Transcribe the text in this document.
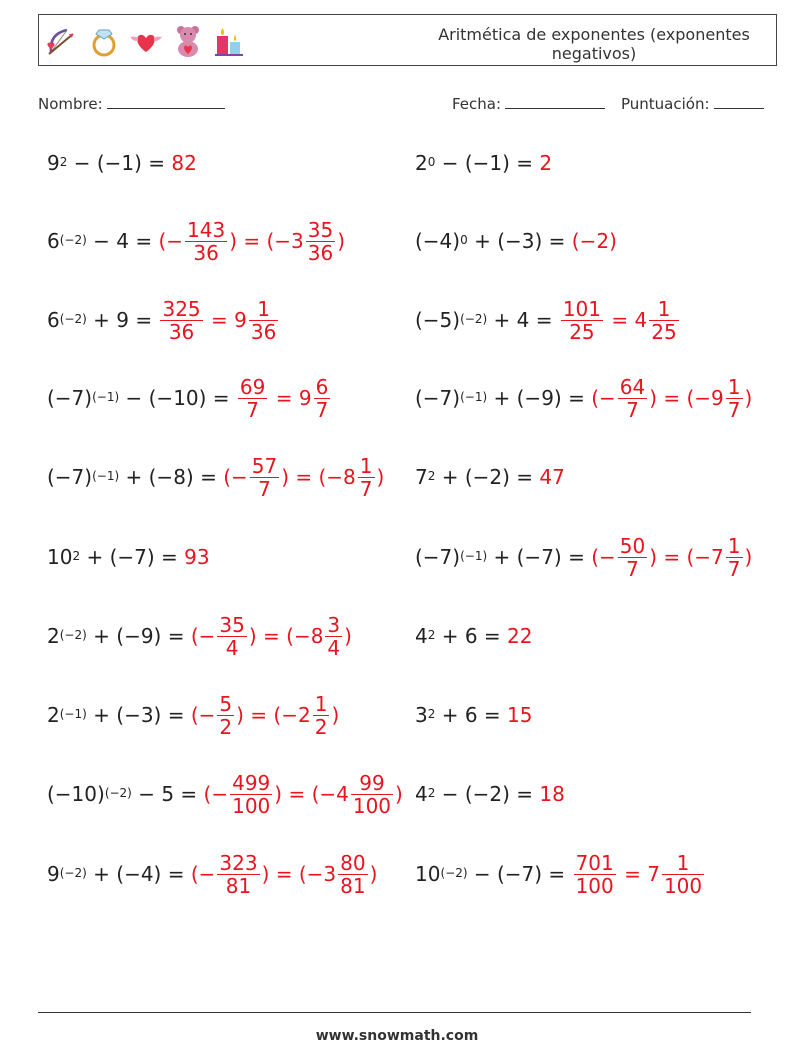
Aritmética de exponentes (exponentes negativos)
Nombre:	Fecha:	Puntuación:
$9^2 - (-1) = 82$
$6^{(-2)} - 4$ = (− $\frac{143}{36}$ ) = ($-3 \frac{35}{36}$ )
$6^{(-2)} + 9 = \frac{325}{36} = 9 \frac{1}{36}$
$(-7)^{(-1)} - (-10) = \frac{69}{7} = 9 \frac{6}{7}$
$(-7)^{(-1)} + (-8)$ = (− $\frac{57}{7}$ ) = ($-8 \frac{1}{7}$ )
$10^2 + (-7) = 93$
$2^{(-2)} + (-9)$ = (− $\frac{35}{4}$ ) = ($-8 \frac{3}{4}$ )
$2^{(-1)} + (-3)$ = (− $\frac{5}{2}$ ) = ($-2 \frac{1}{2}$ )
$(-10)^{(-2)} - 5$ = (− $\frac{499}{100}$ ) = ($-4 \frac{99}{100}$ )
$9^{(-2)} + (-4)$ = (− $\frac{323}{81}$ ) = ($-3 \frac{80}{81}$ )
$2^0 - (-1) = 2$
$(-4)^0 + (-3) = (-2)$
$(-5)^{(-2)} + 4 = \frac{101}{25} = 4 \frac{1}{25}$
$(-7)^{(-1)} + (-9)$ = (− $\frac{64}{7}$ ) = ($-9 \frac{1}{7}$ )
$7^2 + (-2) = 47$
$(-7)^{(-1)} + (-7)$ = (− $\frac{50}{7}$ ) = ($-7 \frac{1}{7}$ )
$4^2 + 6 = 22$
$3^2 + 6 = 15$
$4^2 - (-2) = 18$
$10^{(-2)} - (-7) = \frac{701}{100} = 7 \frac{1}{100}$
www.snowmath.com
